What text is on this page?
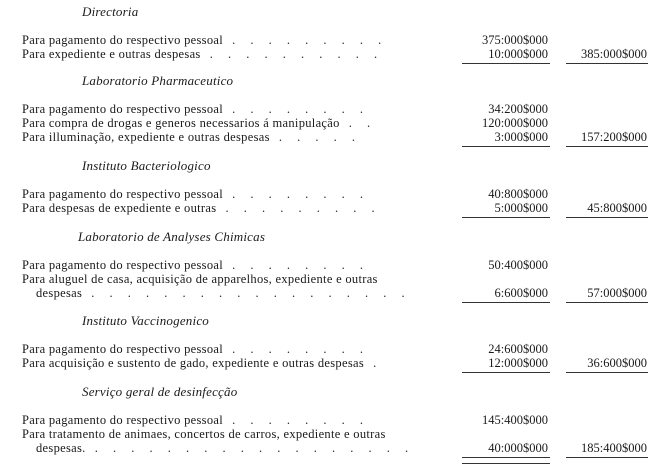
Directoria
Para pagamento do respectivo pessoal . . . . . . . . .	375:000$000
Para expediente e outras despesas . . . . . . . . . .	10:000$000	385:000$000
Laboratorio Pharmaceutico
Para pagamento do respectivo pessoal . . . . . . . .	34:200$000
Para compra de drogas e generos necessarios á manipulação . .	120:000$000
Para illuminação, expediente e outras despesas . . . . .	3:000$000	157:200$000
Instituto Bacteriologico
Para pagamento do respectivo pessoal . . . . . . . .	40:800$000
Para despesas de expediente e outras . . . . . . . . .	5:000$000	45:800$000
Laboratorio de Analyses Chimicas
Para pagamento do respectivo pessoal . . . . . . . .	50:400$000
Para aluguel de casa, acquisição de apparelhos, expediente e outras
despesas . . . . . . . . . . . . . . . . . .	6:600$000	57:000$000
Instituto Vaccinogenico
Para pagamento do respectivo pessoal . . . . . . . .	24:600$000
Para acquisição e sustento de gado, expediente e outras despesas .	12:000$000	36:600$000
Serviço geral de desinfecção
Para pagamento do respectivo pessoal . . . . . . . .	145:400$000
Para tratamento de animaes, concertos de carros, expediente e outras
despesas. . . . . . . . . . . . . . . . . . .	40:000$000	185:400$000
